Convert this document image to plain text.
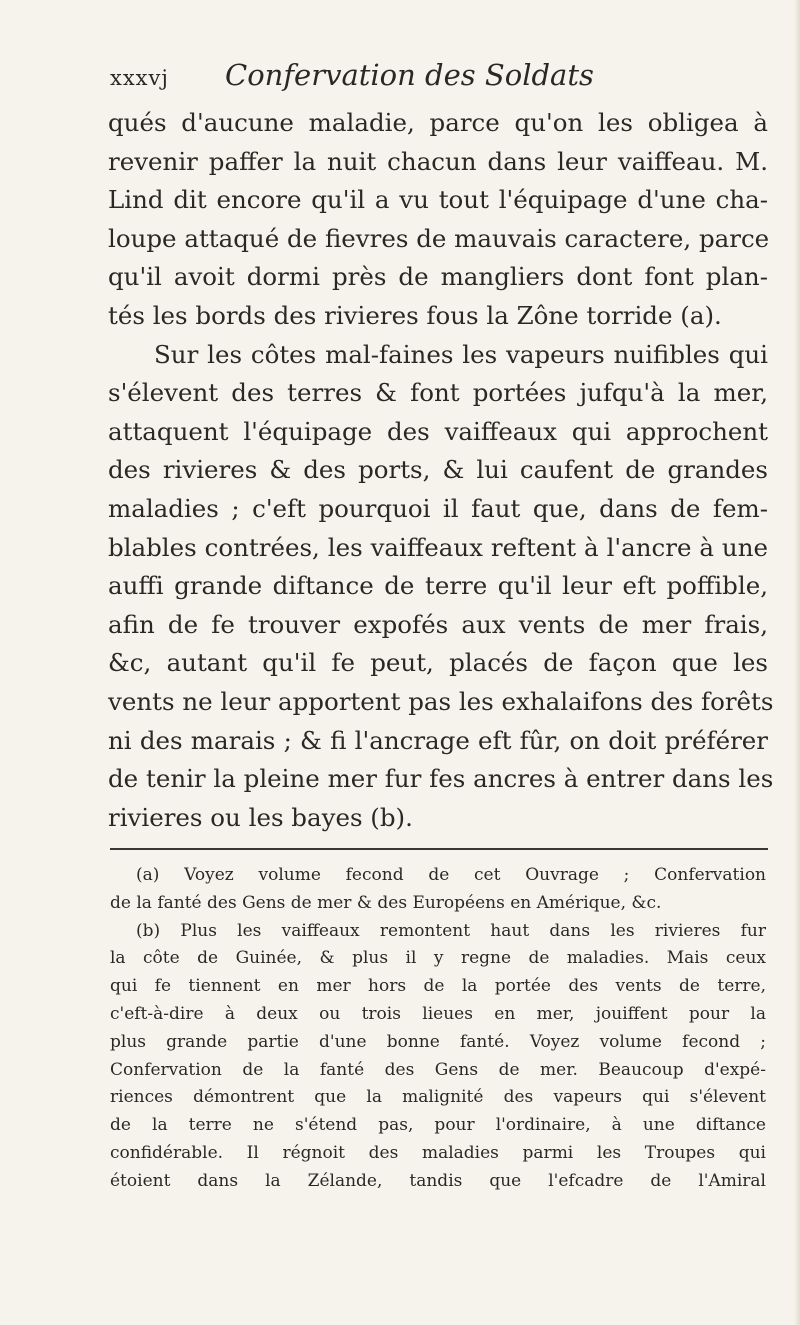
xxxvj Confervation des Soldats
qués d'aucune maladie, parce qu'on les obligea à
revenir paffer la nuit chacun dans leur vaiffeau. M.
Lind dit encore qu'il a vu tout l'équipage d'une cha-
loupe attaqué de fievres de mauvais caractere, parce
qu'il avoit dormi près de mangliers dont font plan-
tés les bords des rivieres fous la Zône torride (a).
Sur les côtes mal-faines les vapeurs nuifibles qui
s'élevent des terres & font portées jufqu'à la mer,
attaquent l'équipage des vaiffeaux qui approchent
des rivieres & des ports, & lui caufent de grandes
maladies ; c'eft pourquoi il faut que, dans de fem-
blables contrées, les vaiffeaux reftent à l'ancre à une
auffi grande diftance de terre qu'il leur eft poffible,
afin de fe trouver expofés aux vents de mer frais,
&c, autant qu'il fe peut, placés de façon que les
vents ne leur apportent pas les exhalaifons des forêts
ni des marais ; & fi l'ancrage eft fûr, on doit préférer
de tenir la pleine mer fur fes ancres à entrer dans les
rivieres ou les bayes (b).
(a) Voyez volume fecond de cet Ouvrage ; Confervation
de la fanté des Gens de mer & des Européens en Amérique, &c.
(b) Plus les vaiffeaux remontent haut dans les rivieres fur
la côte de Guinée, & plus il y regne de maladies. Mais ceux
qui fe tiennent en mer hors de la portée des vents de terre,
c'eft-à-dire à deux ou trois lieues en mer, jouiffent pour la
plus grande partie d'une bonne fanté. Voyez volume fecond ;
Confervation de la fanté des Gens de mer. Beaucoup d'expé-
riences démontrent que la malignité des vapeurs qui s'élevent
de la terre ne s'étend pas, pour l'ordinaire, à une diftance
confidérable. Il régnoit des maladies parmi les Troupes qui
étoient dans la Zélande, tandis que l'efcadre de l'Amiral
